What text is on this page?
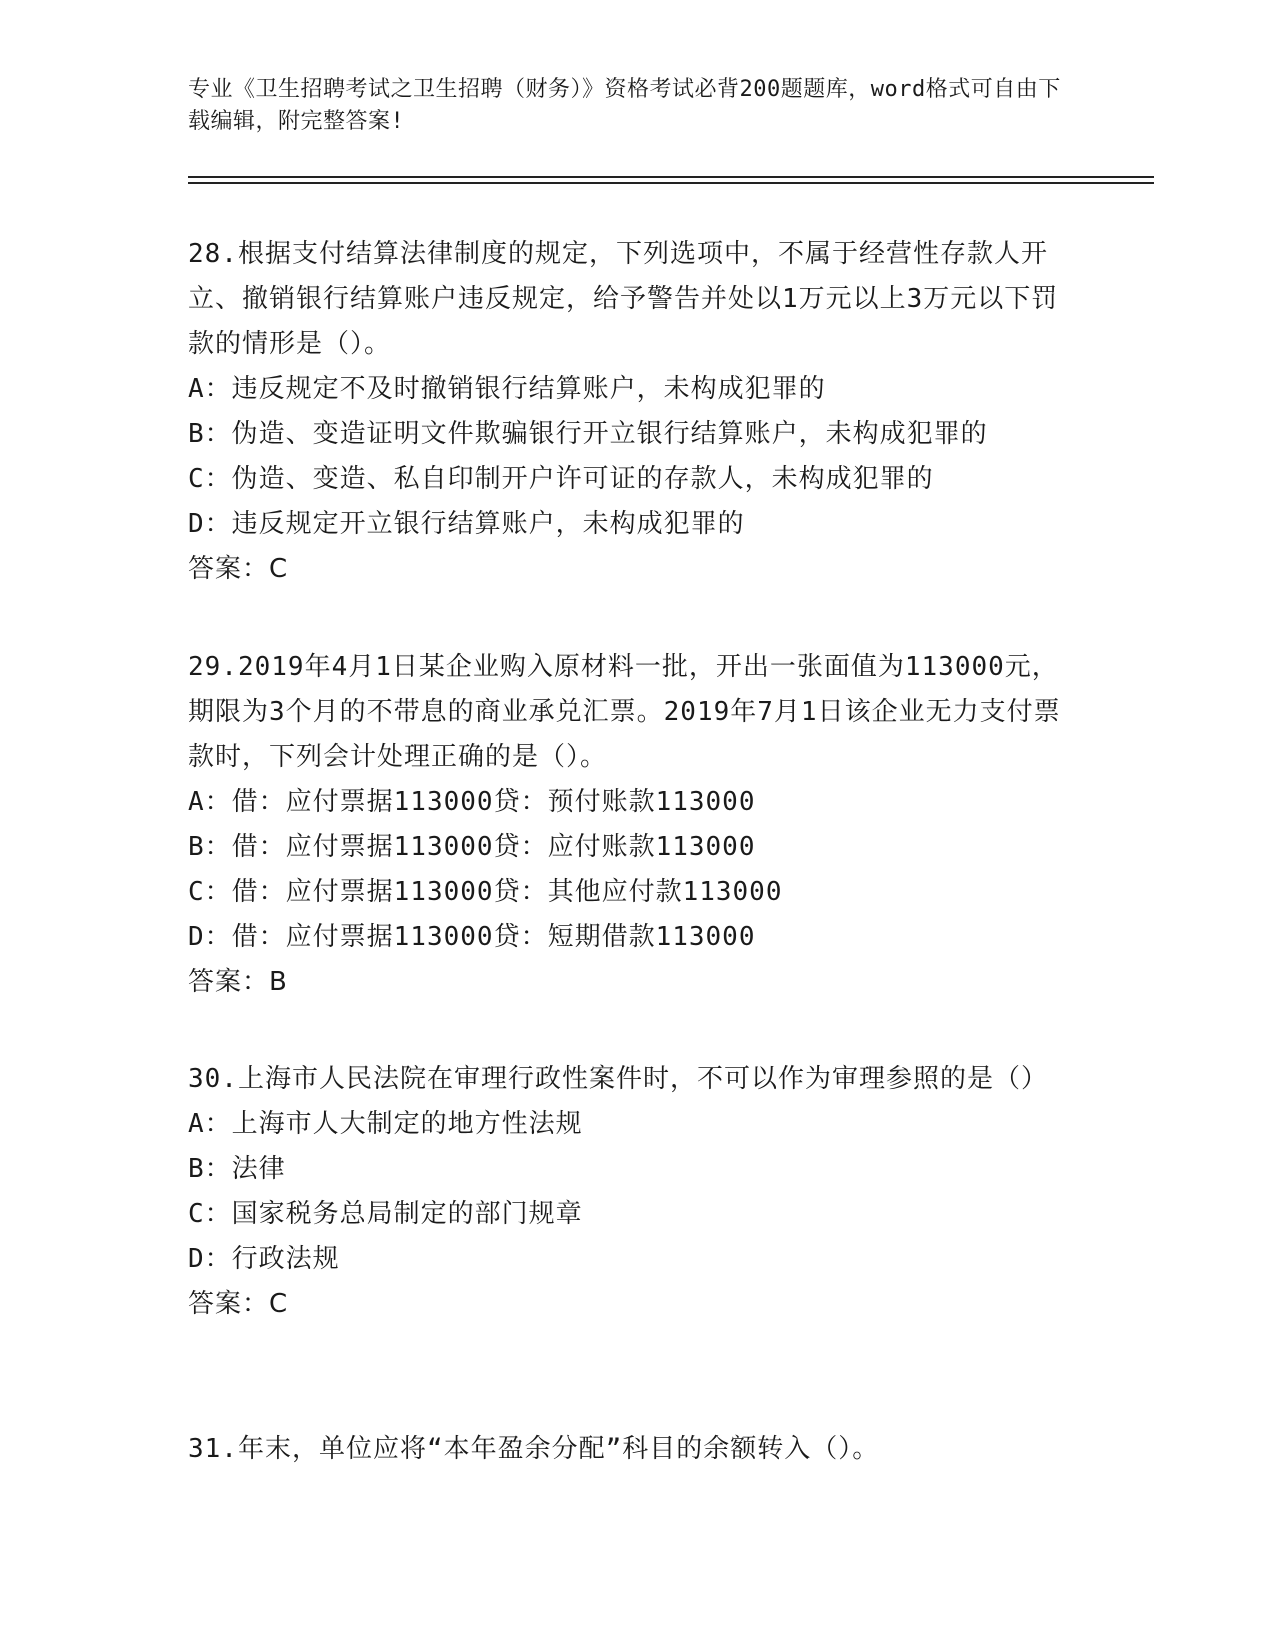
专业《卫生招聘考试之卫生招聘（财务）》资格考试必背200题题库，word格式可自由下载编辑，附完整答案!
28.根据支付结算法律制度的规定，下列选项中，不属于经营性存款人开立、撤销银行结算账户违反规定，给予警告并处以1万元以上3万元以下罚款的情形是（）。
A：违反规定不及时撤销银行结算账户，未构成犯罪的
B：伪造、变造证明文件欺骗银行开立银行结算账户，未构成犯罪的
C：伪造、变造、私自印制开户许可证的存款人，未构成犯罪的
D：违反规定开立银行结算账户，未构成犯罪的
答案：C
29.2019年4月1日某企业购入原材料一批，开出一张面值为113000元，期限为3个月的不带息的商业承兑汇票。2019年7月1日该企业无力支付票款时，下列会计处理正确的是（）。
A：借：应付票据113000贷：预付账款113000
B：借：应付票据113000贷：应付账款113000
C：借：应付票据113000贷：其他应付款113000
D：借：应付票据113000贷：短期借款113000
答案：B
30.上海市人民法院在审理行政性案件时，不可以作为审理参照的是（）
A：上海市人大制定的地方性法规
B：法律
C：国家税务总局制定的部门规章
D：行政法规
答案：C
31.年末，单位应将“本年盈余分配”科目的余额转入（）。
